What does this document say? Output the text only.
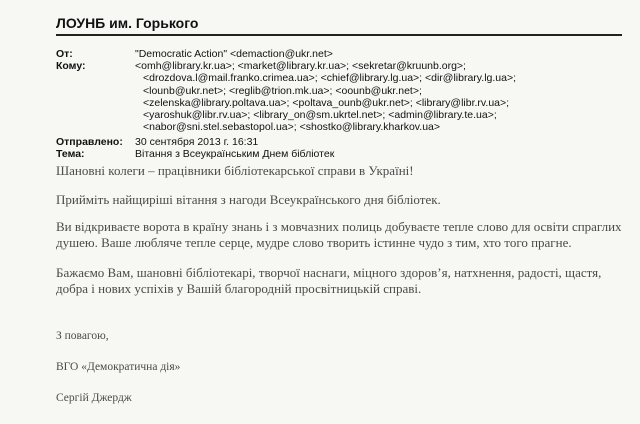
ЛОУНБ им. Горького
От:	"Democratic Action" <demaction@ukr.net>
Кому:	<omh@library.kr.ua>; <market@library.kr.ua>; <sekretar@kruunb.org>;
<drozdova.l@mail.franko.crimea.ua>; <chief@library.lg.ua>; <dir@library.lg.ua>;
<lounb@ukr.net>; <reglib@trion.mk.ua>; <oounb@ukr.net>;
<zelenska@library.poltava.ua>; <poltava_ounb@ukr.net>; <library@libr.rv.ua>;
<yaroshuk@libr.rv.ua>; <library_on@sm.ukrtel.net>; <admin@library.te.ua>;
<nabor@sni.stel.sebastopol.ua>; <shostko@library.kharkov.ua>
Отправлено: 30 сентября 2013 г. 16:31
Тема:	Вітання з Всеукраїнським Днем бібліотек
Шановні колеги – працівники бібліотекарської справи в Україні!
Прийміть найщиріші вітання з нагоди Всеукраїнського дня бібліотек.
Ви відкриваєте ворота в країну знань і з мовчазних полиць добуваєте тепле слово для освіти спраглих душею. Ваше любляче тепле серце, мудре слово творить істинне чудо з тим, хто того прагне.
Бажаємо Вам, шановні бібліотекарі, творчої наснаги, міцного здоров’я, натхнення, радості, щастя, добра і нових успіхів у Вашій благородній просвітницькій справі.
З повагою,
ВГО «Демократична дія»
Сергій Джердж
